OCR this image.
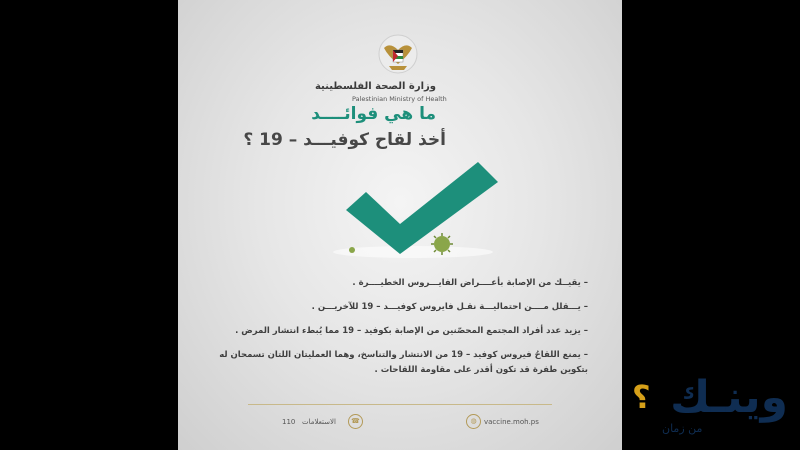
وزارة الصحة الفلسطينية
Palestinian Ministry of Health
ما هي فوائــــد
أخذ لقاح كوفيـــد – 19 ؟
– يقيــك من الإصابة بأعــــراض الفايـــروس الخطيــــرة .
– يـــقلل مــــن احتماليـــة نقـل فايروس كوفيـــد – 19 للآخريـــن .
– يزيد عدد أفراد المجتمع المحصّنين من الإصابة بكوفيد – 19 مما يُبطء انتشار المرض .
– يمنع اللقاحُ فيروس كوفيد – 19 من الانتشار والتناسخ، وهما العمليتان اللتان تسمحان له بتكوين طفرة قد تكون أقدر على مقاومة اللقاحات .
☎
110 الاستعلامات	◍	vaccine.moh.ps
؟ وينـك
من زمان
